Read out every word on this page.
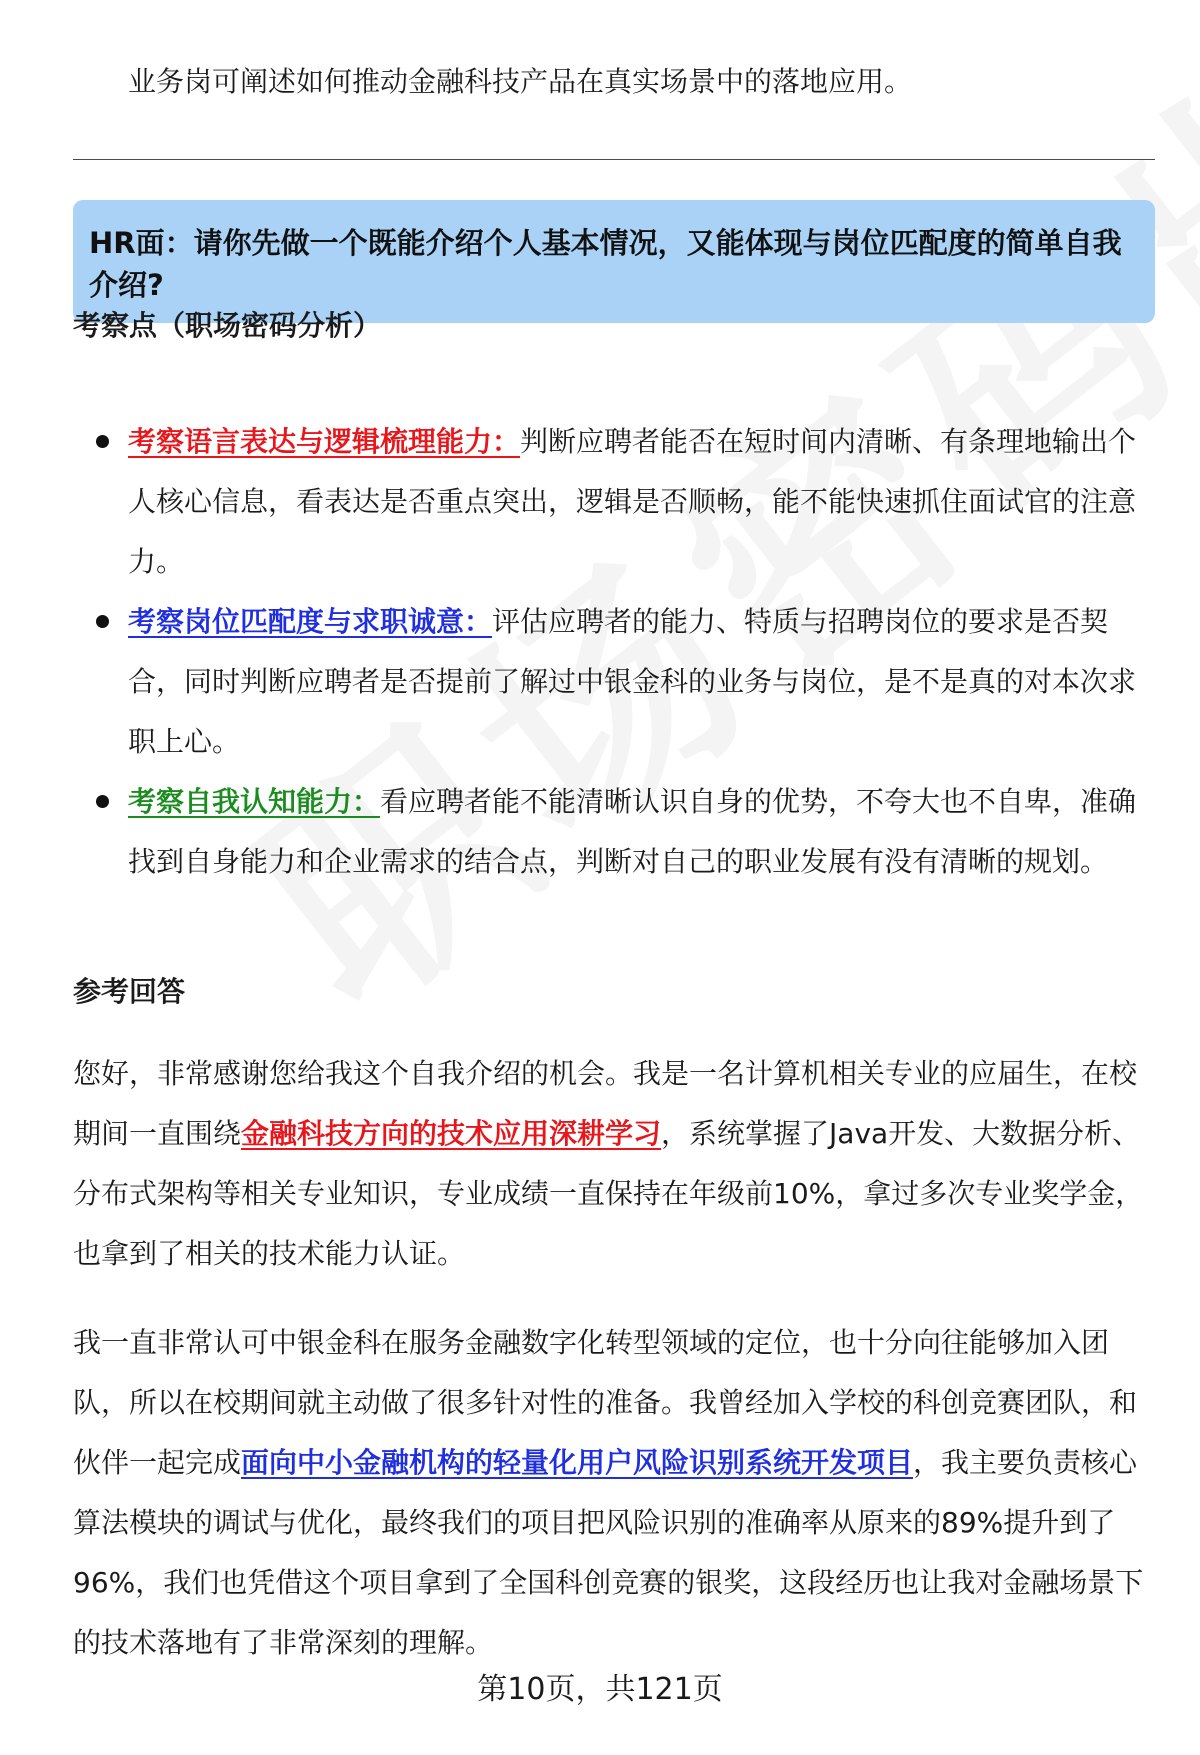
业务岗可阐述如何推动金融科技产品在真实场景中的落地应用。

HR面：请你先做一个既能介绍个人基本情况，又能体现与岗位匹配度的简单自我介绍?

考察点（职场密码分析）

考察语言表达与逻辑梳理能力：判断应聘者能否在短时间内清晰、有条理地输出个人核心信息，看表达是否重点突出，逻辑是否顺畅，能不能快速抓住面试官的注意力。

考察岗位匹配度与求职诚意：评估应聘者的能力、特质与招聘岗位的要求是否契合，同时判断应聘者是否提前了解过中银金科的业务与岗位，是不是真的对本次求职上心。

考察自我认知能力：看应聘者能不能清晰认识自身的优势，不夸大也不自卑，准确找到自身能力和企业需求的结合点，判断对自己的职业发展有没有清晰的规划。

参考回答

您好，非常感谢您给我这个自我介绍的机会。我是一名计算机相关专业的应届生，在校期间一直围绕金融科技方向的技术应用深耕学习，系统掌握了Java开发、大数据分析、分布式架构等相关专业知识，专业成绩一直保持在年级前10%，拿过多次专业奖学金，也拿到了相关的技术能力认证。

我一直非常认可中银金科在服务金融数字化转型领域的定位，也十分向往能够加入团队，所以在校期间就主动做了很多针对性的准备。我曾经加入学校的科创竞赛团队，和伙伴一起完成面向中小金融机构的轻量化用户风险识别系统开发项目，我主要负责核心算法模块的调试与优化，最终我们的项目把风险识别的准确率从原来的89%提升到了96%，我们也凭借这个项目拿到了全国科创竞赛的银奖，这段经历也让我对金融场景下的技术落地有了非常深刻的理解。

第10页，共121页
